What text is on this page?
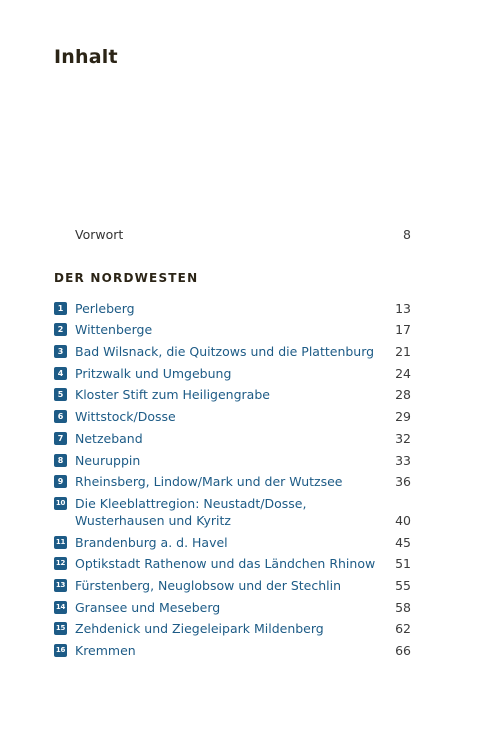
Inhalt
Vorwort	8
DER NORDWESTEN
1 Perleberg	13
2 Wittenberge	17
3 Bad Wilsnack, die Quitzows und die Plattenburg 21
4 Pritzwalk und Umgebung	24
5 Kloster Stift zum Heiligengrabe	28
6 Wittstock/Dosse	29
7 Netzeband	32
8 Neuruppin	33
9 Rheinsberg, Lindow/Mark und der Wutzsee	36
10 Die Kleeblattregion: Neustadt/Dosse,
Wusterhausen und Kyritz	40
11 Brandenburg a. d. Havel	45
12 Optikstadt Rathenow und das Ländchen Rhinow 51
13 Fürstenberg, Neuglobsow und der Stechlin	55
14 Gransee und Meseberg	58
15 Zehdenick und Ziegeleipark Mildenberg	62
16 Kremmen	66
